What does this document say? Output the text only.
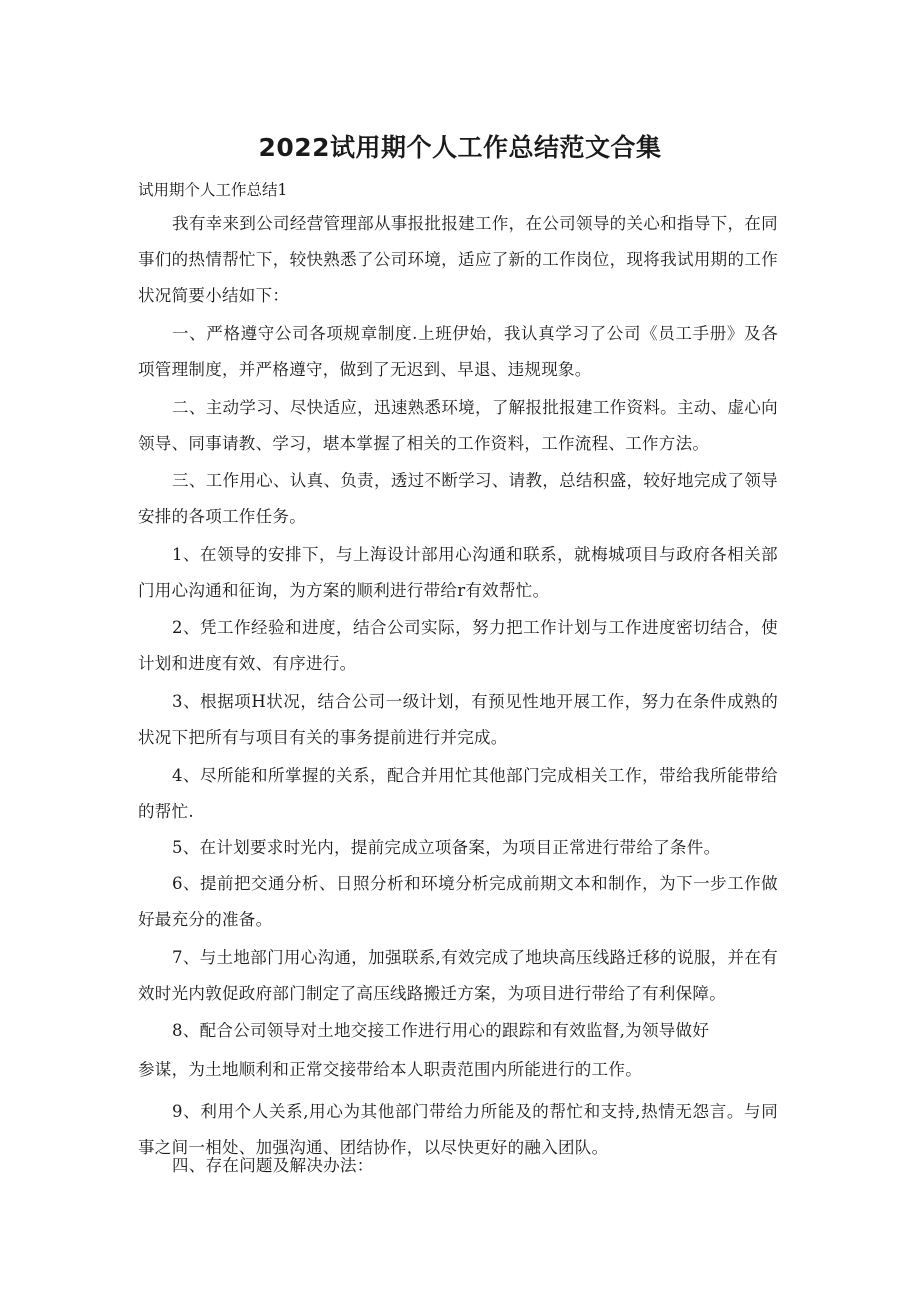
2022试用期个人工作总结范文合集
试用期个人工作总结1

我有幸来到公司经营管理部从事报批报建工作，在公司领导的关心和指导下，在同事们的热情帮忙下，较快熟悉了公司环境，适应了新的工作岗位，现将我试用期的工作状况简要小结如下：

一、严格遵守公司各项规章制度.上班伊始，我认真学习了公司《员工手册》及各项管理制度，并严格遵守，做到了无迟到、早退、违规现象。

二、主动学习、尽快适应，迅速熟悉环境，了解报批报建工作资料。主动、虚心向领导、同事请教、学习，堪本掌握了相关的工作资料，工作流程、工作方法。

三、工作用心、认真、负责，透过不断学习、请教，总结积盛，较好地完成了领导安排的各项工作任务。

1、在领导的安排下，与上海设计部用心沟通和联系，就梅城项目与政府各相关部门用心沟通和征询，为方案的顺利进行带给r有效帮忙。

2、凭工作经验和进度，结合公司实际，努力把工作计划与工作进度密切结合，使计划和进度有效、有序进行。

3、根据项H状况，结合公司一级计划，有预见性地开展工作，努力在条件成熟的状况下把所有与项目有关的事务提前进行并完成。

4、尽所能和所掌握的关系，配合并用忙其他部门完成相关工作，带给我所能带给的帮忙.

5、在计划要求时光内，提前完成立项备案，为项目正常进行带给了条件。

6、提前把交通分析、日照分析和环境分析完成前期文本和制作，为下一步工作做好最充分的准备。

7、与土地部门用心沟通，加强联系,有效完成了地块高压线路迁移的说服，并在有效时光内敦促政府部门制定了高压线路搬迁方案，为项目进行带给了有利保障。

8、配合公司领导对土地交接工作进行用心的跟踪和有效监督,为领导做好

参谋，为土地顺利和正常交接带给本人职责范围内所能进行的工作。

9、利用个人关系,用心为其他部门带给力所能及的帮忙和支持,热情无怨言。与同事之间一相处、加强沟通、团结协作，以尽快更好的融入团队。

四、存在问题及解决办法：
